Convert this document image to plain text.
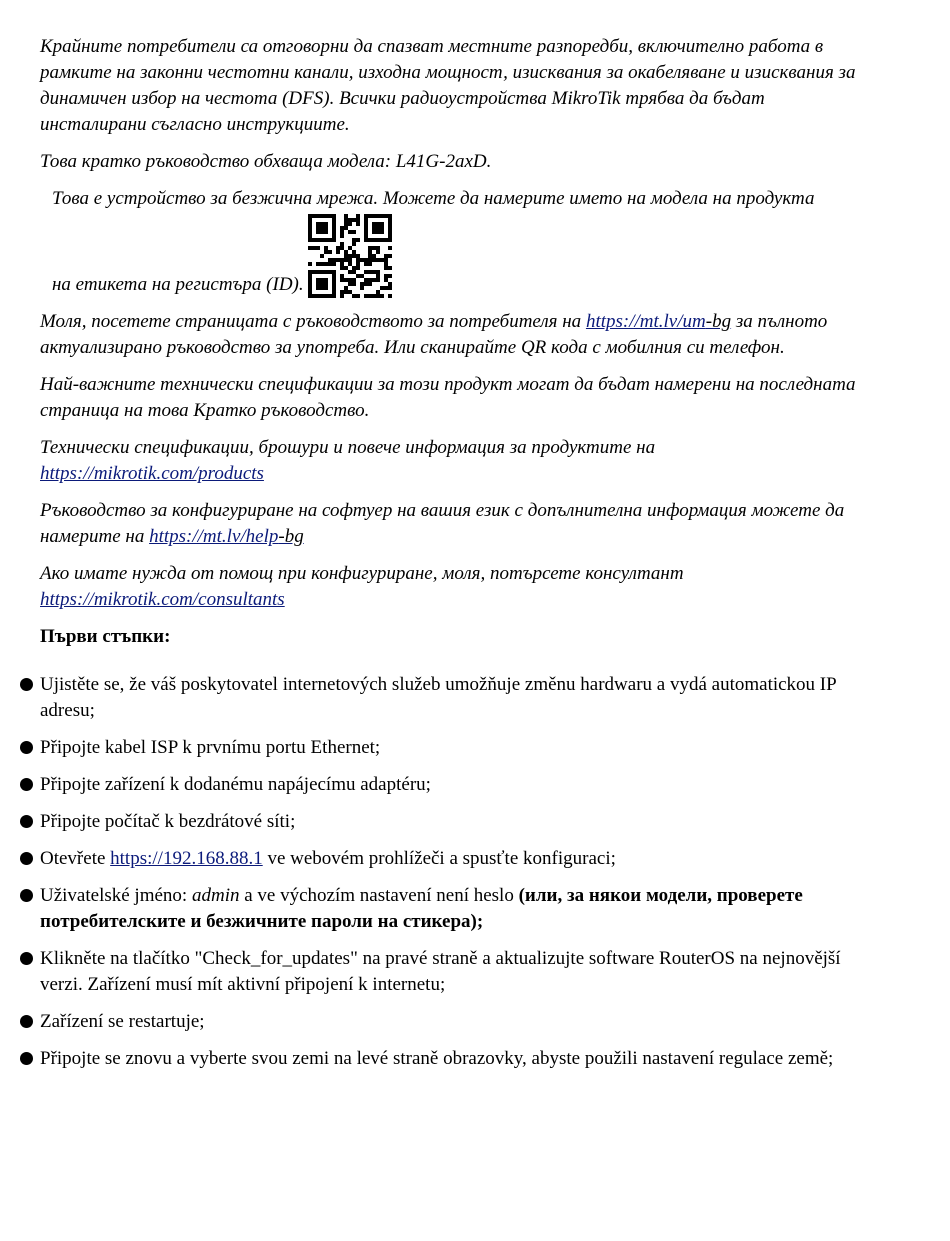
Крайните потребители са отговорни да спазват местните разпоредби, включително работа в рамките на законни честотни канали, изходна мощност, изисквания за окабеляване и изисквания за динамичен избор на честота (DFS). Всички радиоустройства MikroTik трябва да бъдат инсталирани съгласно инструкциите.

Това кратко ръководство обхваща модела: L41G-2axD.

Това е устройство за безжична мрежа. Можете да намерите името на модела на продукта
на етикета на регистъра (ID).

Моля, посетете страницата с ръководството за потребителя на https://mt.lv/um-bg за пълното актуализирано ръководство за употреба. Или сканирайте QR кода с мобилния си телефон.

Най-важните технически спецификации за този продукт могат да бъдат намерени на последната страница на това Кратко ръководство.

Технически спецификации, брошури и повече информация за продуктите на https://mikrotik.com/products

Ръководство за конфигуриране на софтуер на вашия език с допълнителна информация можете да намерите на https://mt.lv/help-bg

Ако имате нужда от помощ при конфигуриране, моля, потърсете консултант https://mikrotik.com/consultants

Първи стъпки:
Ujistěte se, že váš poskytovatel internetových služeb umožňuje změnu hardwaru a vydá automatickou IP adresu;
Připojte kabel ISP k prvnímu portu Ethernet;
Připojte zařízení k dodanému napájecímu adaptéru;
Připojte počítač k bezdrátové síti;
Otevřete https://192.168.88.1 ve webovém prohlížeči a spusťte konfiguraci;
Uživatelské jméno: admin a ve výchozím nastavení není heslo (или, за някои модели, проверете потребителските и безжичните пароли на стикера);
Klikněte na tlačítko "Check_for_updates" na pravé straně a aktualizujte software RouterOS na nejnovější verzi. Zařízení musí mít aktivní připojení k internetu;
Zařízení se restartuje;
Připojte se znovu a vyberte svou zemi na levé straně obrazovky, abyste použili nastavení regulace země;
